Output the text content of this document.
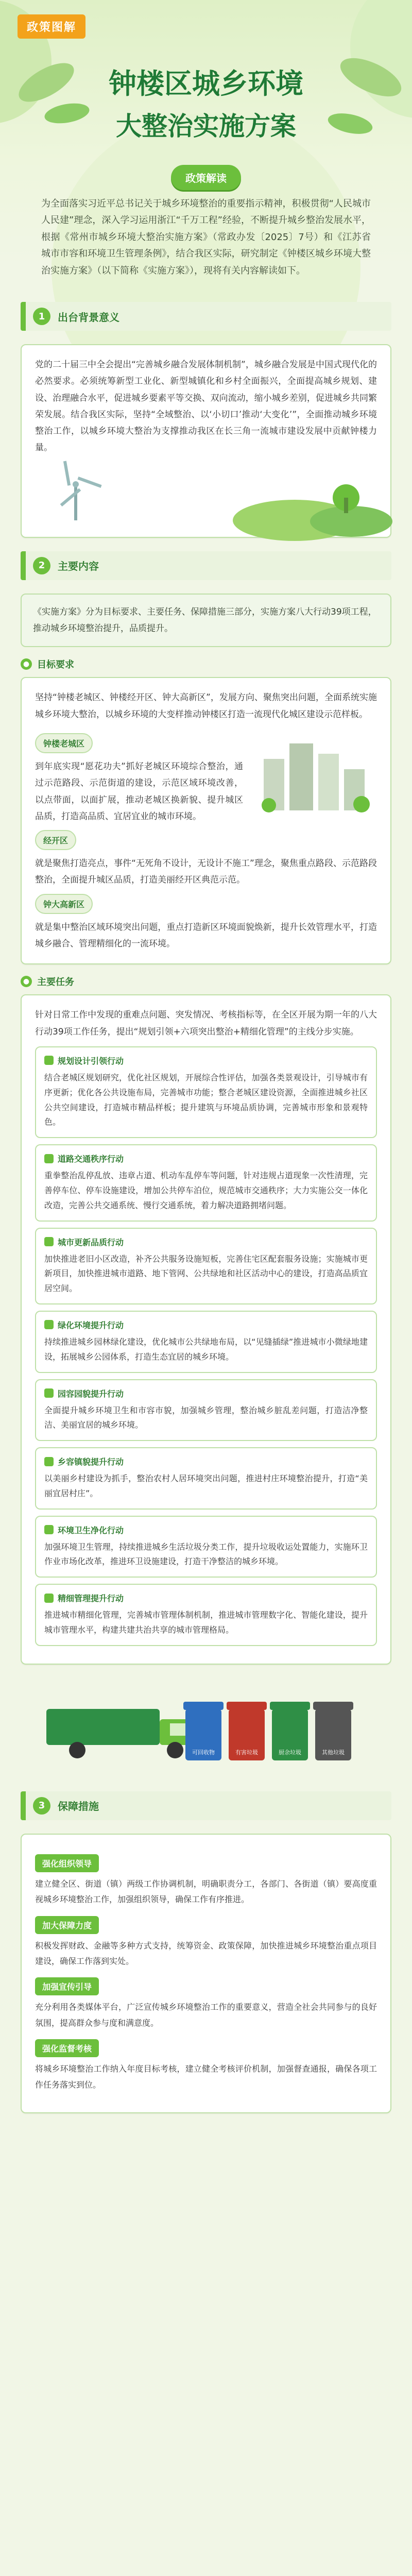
政策图解
钟楼区城乡环境
大整治实施方案
政策解读
为全面落实习近平总书记关于城乡环境整治的重要指示精神，积极贯彻“人民城市人民建”理念，深入学习运用浙江“千万工程”经验，不断提升城乡整治发展水平，根据《常州市城乡环境大整治实施方案》（常政办发〔2025〕7号）和《江苏省城市市容和环境卫生管理条例》，结合我区实际，研究制定《钟楼区城乡环境大整治实施方案》（以下简称《实施方案》），现将有关内容解读如下。
1	出台背景意义

党的二十届三中全会提出“完善城乡融合发展体制机制”，城乡融合发展是中国式现代化的必然要求。必须统筹新型工业化、新型城镇化和乡村全面振兴，全面提高城乡规划、建设、治理融合水平，促进城乡要素平等交换、双向流动，缩小城乡差别，促进城乡共同繁荣发展。结合我区实际，坚持“全域整治、以‘小切口’推动‘大变化’”，全面推动城乡环境整治工作，以城乡环境大整治为支撑推动我区在长三角一流城市建设发展中贡献钟楼力量。

2	主要内容

《实施方案》分为目标要求、主要任务、保障措施三部分，实施方案八大行动39项工程，推动城乡环境整治提升，品质提升。

● 目标要求

坚持“钟楼老城区、钟楼经开区、钟大高新区”，发展方向、聚焦突出问题，全面系统实施城乡环境大整治，以城乡环境的大变样推动钟楼区打造一流现代化城区建设示范样板。

钟楼老城区

到年底实现“愿花功夫”抓好老城区环境综合整治，通过示范路段、示范街道的建设，示范区域环境改善，以点带面，以面扩展，推动老城区换新貌、提升城区品质，打造高品质、宜居宜业的城市环境。

经开区

就是聚焦打造亮点，事件“无死角不设计，无设计不施工”理念，聚焦重点路段、示范路段整治，全面提升城区品质，打造美丽经开区典范示范。

钟大高新区

就是集中整治区域环境突出问题，重点打造新区环境面貌焕新，提升长效管理水平，打造城乡融合、管理精细化的一流环境。

● 主要任务

针对日常工作中发现的重难点问题、突发情况、考核指标等，在全区开展为期一年的八大行动39项工作任务，提出“规划引领+六项突出整治+精细化管理”的主线分步实施。

规划设计引领行动

结合老城区规划研究，优化社区规划，开展综合性评估，加强各类景观设计，引导城市有序更新；优化各公共设施布局，完善城市功能；整合老城区建设资源，全面推进城乡社区公共空间建设，打造城市精品样板；提升建筑与环境品质协调，完善城市形象和景观特色。

道路交通秩序行动

重拳整治乱停乱放、违章占道、机动车乱停车等问题，针对违规占道现象一次性清理，完善停车位、停车设施建设，增加公共停车泊位，规范城市交通秩序；大力实施公交一体化改造，完善公共交通系统、慢行交通系统，着力解决道路拥堵问题。

城市更新品质行动

加快推进老旧小区改造，补齐公共服务设施短板，完善住宅区配套服务设施；实施城市更新项目，加快推进城市道路、地下管网、公共绿地和社区活动中心的建设，打造高品质宜居空间。

绿化环境提升行动

持续推进城乡园林绿化建设，优化城市公共绿地布局，以“见缝插绿”推进城市小微绿地建设，拓展城乡公园体系，打造生态宜居的城乡环境。

园容园貌提升行动

全面提升城乡环境卫生和市容市貌，加强城乡管理，整治城乡脏乱差问题，打造洁净整洁、美丽宜居的城乡环境。

乡容镇貌提升行动

以美丽乡村建设为抓手，整治农村人居环境突出问题，推进村庄环境整治提升，打造“美丽宜居村庄”。

环境卫生净化行动

加强环境卫生管理，持续推进城乡生活垃圾分类工作，提升垃圾收运处置能力，实施环卫作业市场化改革，推进环卫设施建设，打造干净整洁的城乡环境。

精细管理提升行动

推进城市精细化管理，完善城市管理体制机制，推进城市管理数字化、智能化建设，提升城市管理水平，构建共建共治共享的城市管理格局。

可回收物	有害垃圾	厨余垃圾	其他垃圾
3	保障措施
强化组织领导

建立健全区、街道（镇）两级工作协调机制，明确职责分工，各部门、各街道（镇）要高度重视城乡环境整治工作，加强组织领导，确保工作有序推进。

加大保障力度

积极发挥财政、金融等多种方式支持，统筹资金、政策保障，加快推进城乡环境整治重点项目建设，确保工作落到实处。

加强宣传引导

充分利用各类媒体平台，广泛宣传城乡环境整治工作的重要意义，营造全社会共同参与的良好氛围，提高群众参与度和满意度。

强化监督考核

将城乡环境整治工作纳入年度目标考核，建立健全考核评价机制，加强督查通报，确保各项工作任务落实到位。
